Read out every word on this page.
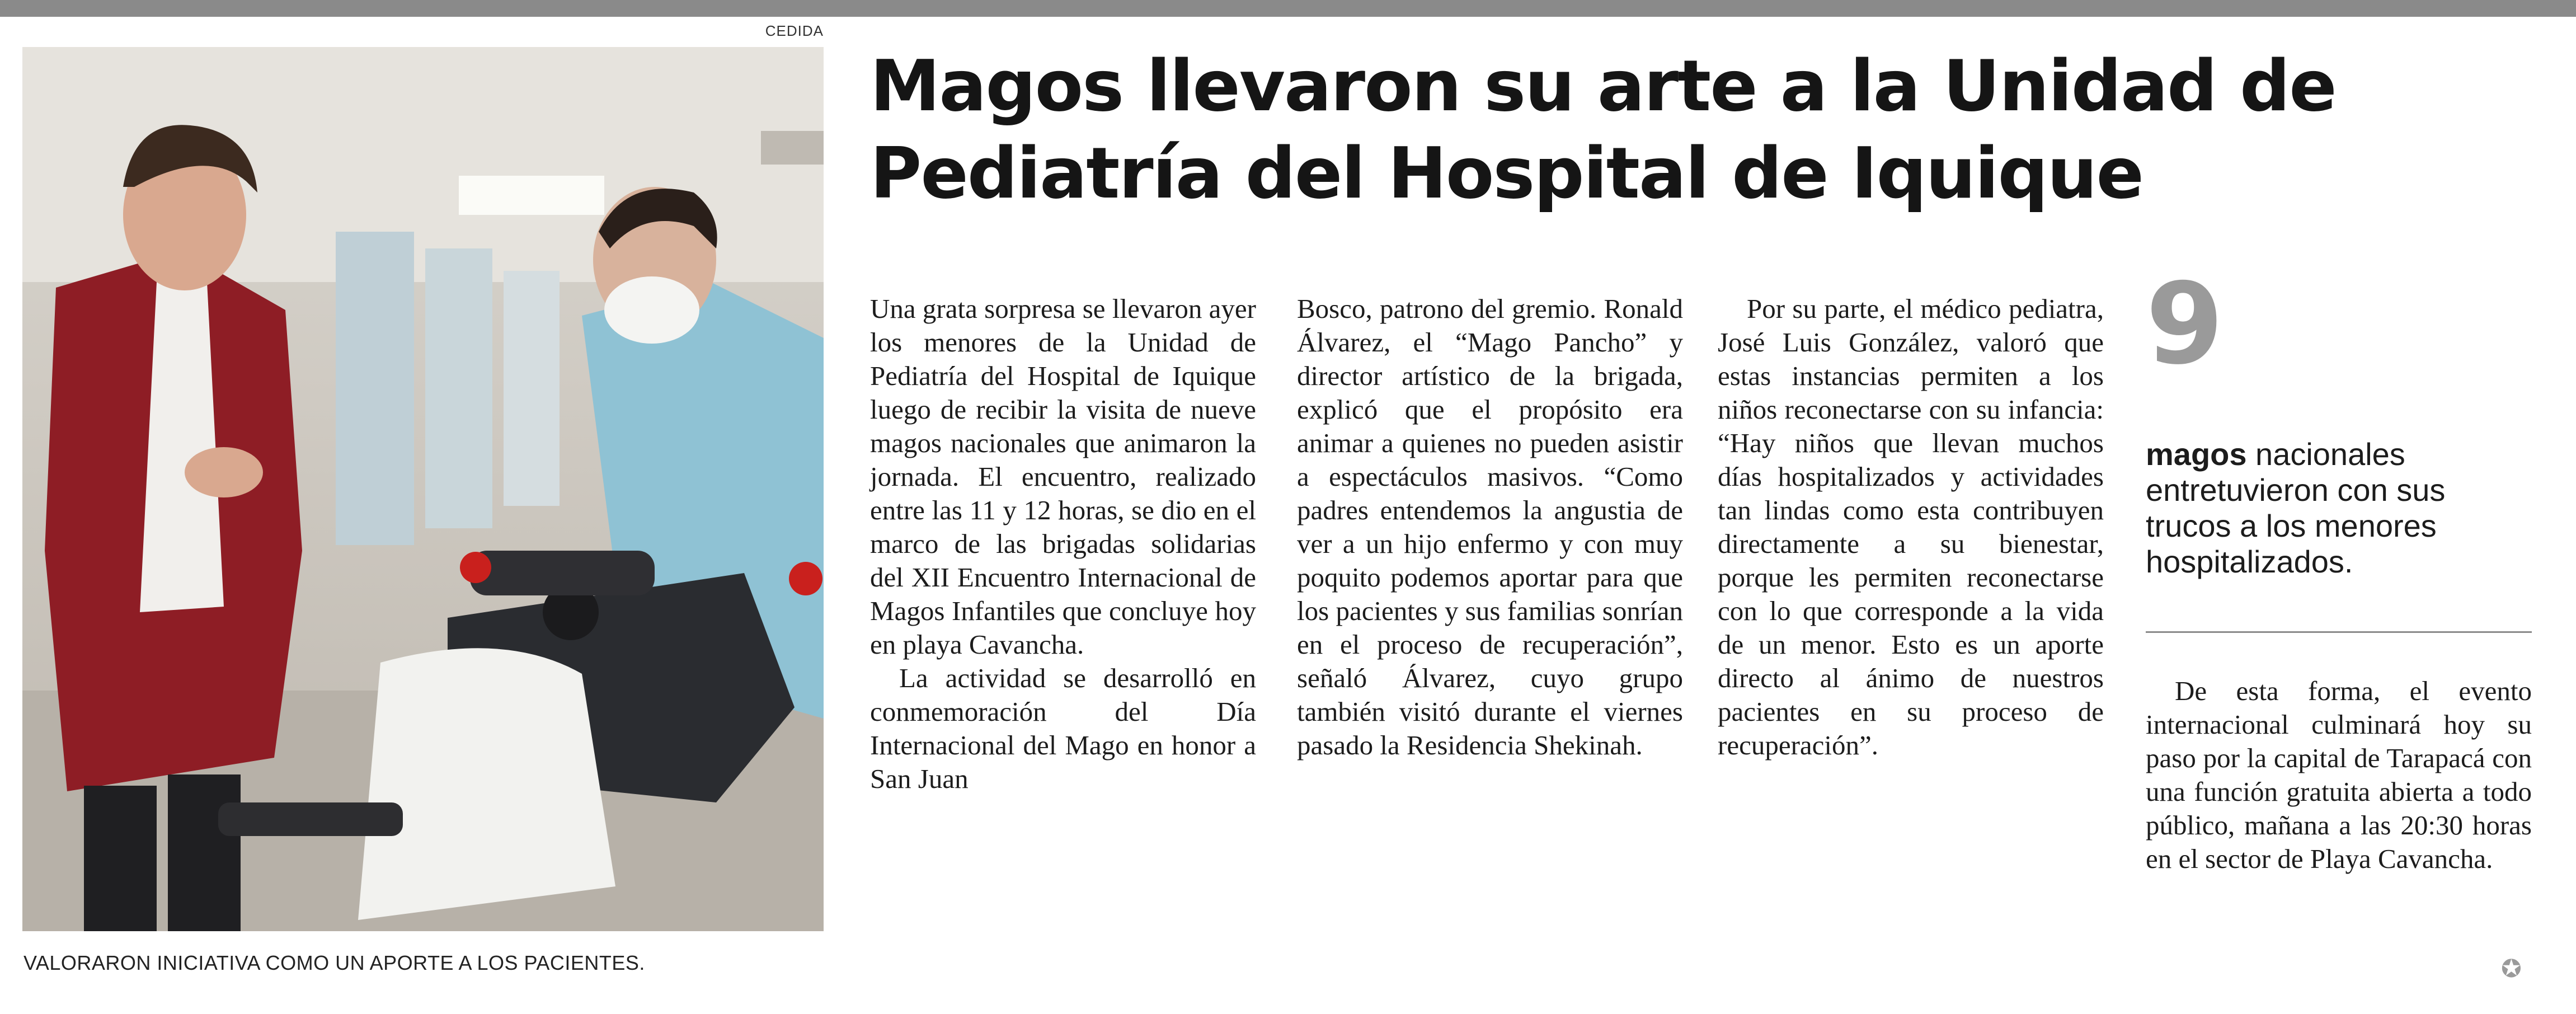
CEDIDA
VALORARON INICIATIVA COMO UN APORTE A LOS PACIENTES.
Magos llevaron su arte a la Unidad de Pediatría del Hospital de Iquique

Una grata sorpresa se llevaron ayer los menores de la Unidad de Pediatría del Hospital de Iquique luego de recibir la visita de nueve magos nacionales que animaron la jornada. El encuentro, realizado entre las 11 y 12 horas, se dio en el marco de las brigadas solidarias del XII Encuentro Internacional de Magos Infantiles que concluye hoy en playa Cavancha.

La actividad se desarrolló en conmemoración del Día Internacional del Mago en honor a San Juan

Bosco, patrono del gremio. Ronald Álvarez, el “Mago Pancho” y director artístico de la brigada, explicó que el propósito era animar a quienes no pueden asistir a espectáculos masivos. “Como padres entendemos la angustia de ver a un hijo enfermo y con muy poquito podemos aportar para que los pacientes y sus familias sonrían en el proceso de recuperación”, señaló Álvarez, cuyo grupo también visitó durante el viernes pasado la Residencia Shekinah.

Por su parte, el médico pediatra, José Luis González, valoró que estas instancias permiten a los niños reconectarse con su infancia: “Hay niños que llevan muchos días hospitalizados y actividades tan lindas como esta contribuyen directamente a su bienestar, porque les permiten reconectarse con lo que corresponde a la vida de un menor. Esto es un aporte directo al ánimo de nuestros pacientes en su proceso de recuperación”.

9

magos nacionales entretuvieron con sus trucos a los menores hospitalizados.

De esta forma, el evento internacional culminará hoy su paso por la capital de Tarapacá con una función gratuita abierta a todo público, mañana a las 20:30 horas en el sector de Playa Cavancha.

✪
